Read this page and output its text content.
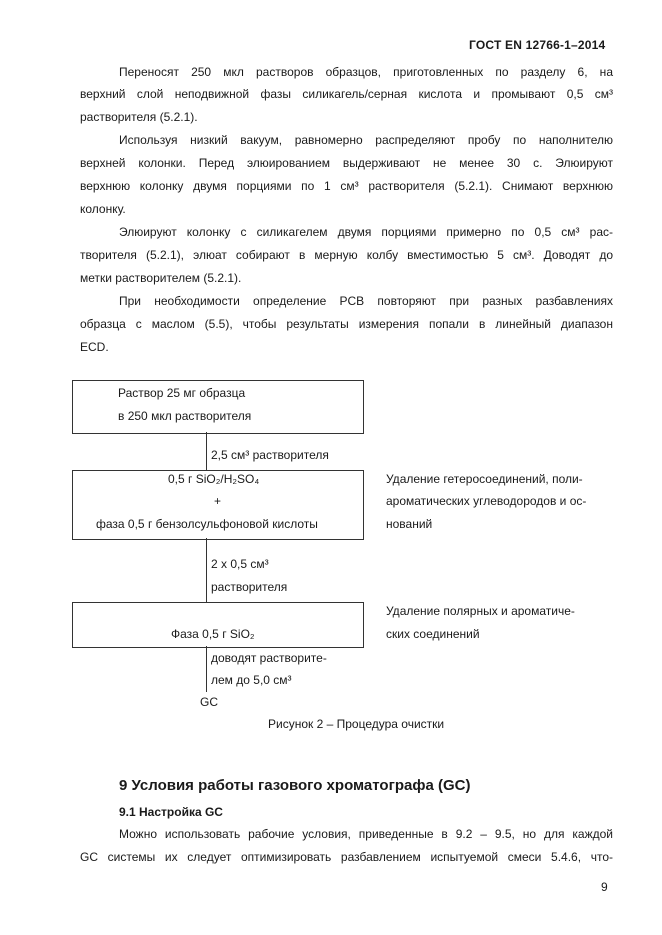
ГОСТ EN 12766-1–2014
Переносят 250 мкл растворов образцов, приготовленных по разделу 6, на
верхний слой неподвижной фазы силикагель/серная кислота и промывают 0,5 см³
растворителя (5.2.1).
Используя низкий вакуум, равномерно распределяют пробу по наполнителю
верхней колонки. Перед элюированием выдерживают не менее 30 с. Элюируют
верхнюю колонку двумя порциями по 1 см³ растворителя (5.2.1). Снимают верхнюю
колонку.
Элюируют колонку с силикагелем двумя порциями примерно по 0,5 см³ рас-
творителя (5.2.1), элюат собирают в мерную колбу вместимостью 5 см³. Доводят до
метки растворителем (5.2.1).
При необходимости определение PCB повторяют при разных разбавлениях
образца с маслом (5.5), чтобы результаты измерения попали в линейный диапазон
ECD.
Раствор 25 мг образца
в 250 мкл растворителя
2,5 см³ растворителя
0,5 г SiO₂/H₂SO₄
+
фаза 0,5 г бензолсульфоновой кислоты
Удаление гетеросоединений, поли-
ароматических углеводородов и ос-
нований
2 х 0,5 см³
растворителя
Фаза 0,5 г SiO₂
Удаление полярных и ароматиче-
ских соединений
доводят растворите-
лем до 5,0 см³
GC
Рисунок 2 – Процедура очистки
9 Условия работы газового хроматографа (GC)
9.1 Настройка GC
Можно использовать рабочие условия, приведенные в 9.2 – 9.5, но для каждой
GC системы их следует оптимизировать разбавлением испытуемой смеси 5.4.6, что-
9
